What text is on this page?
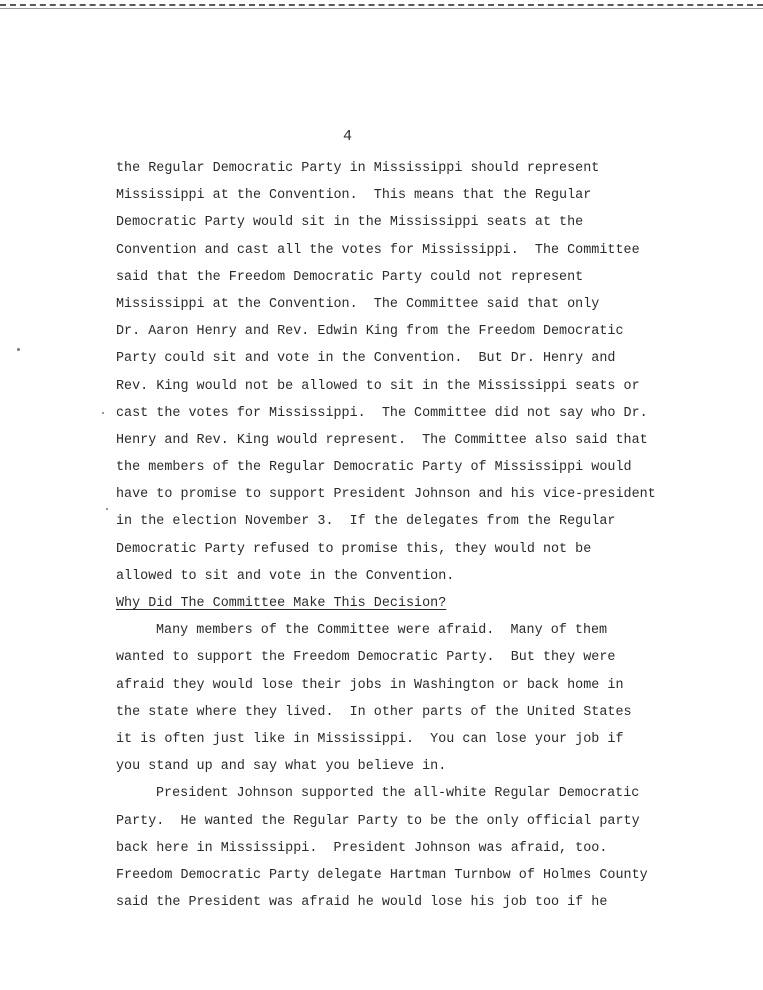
4
the Regular Democratic Party in Mississippi should represent
Mississippi at the Convention.  This means that the Regular
Democratic Party would sit in the Mississippi seats at the
Convention and cast all the votes for Mississippi.  The Committee
said that the Freedom Democratic Party could not represent
Mississippi at the Convention.  The Committee said that only
Dr. Aaron Henry and Rev. Edwin King from the Freedom Democratic
Party could sit and vote in the Convention.  But Dr. Henry and
Rev. King would not be allowed to sit in the Mississippi seats or
cast the votes for Mississippi.  The Committee did not say who Dr.
Henry and Rev. King would represent.  The Committee also said that
the members of the Regular Democratic Party of Mississippi would
have to promise to support President Johnson and his vice-president
in the election November 3.  If the delegates from the Regular
Democratic Party refused to promise this, they would not be
allowed to sit and vote in the Convention.
Why Did The Committee Make This Decision?
Many members of the Committee were afraid.  Many of them
wanted to support the Freedom Democratic Party.  But they were
afraid they would lose their jobs in Washington or back home in
the state where they lived.  In other parts of the United States
it is often just like in Mississippi.  You can lose your job if
you stand up and say what you believe in.
President Johnson supported the all-white Regular Democratic
Party.  He wanted the Regular Party to be the only official party
back here in Mississippi.  President Johnson was afraid, too.
Freedom Democratic Party delegate Hartman Turnbow of Holmes County
said the President was afraid he would lose his job too if he
